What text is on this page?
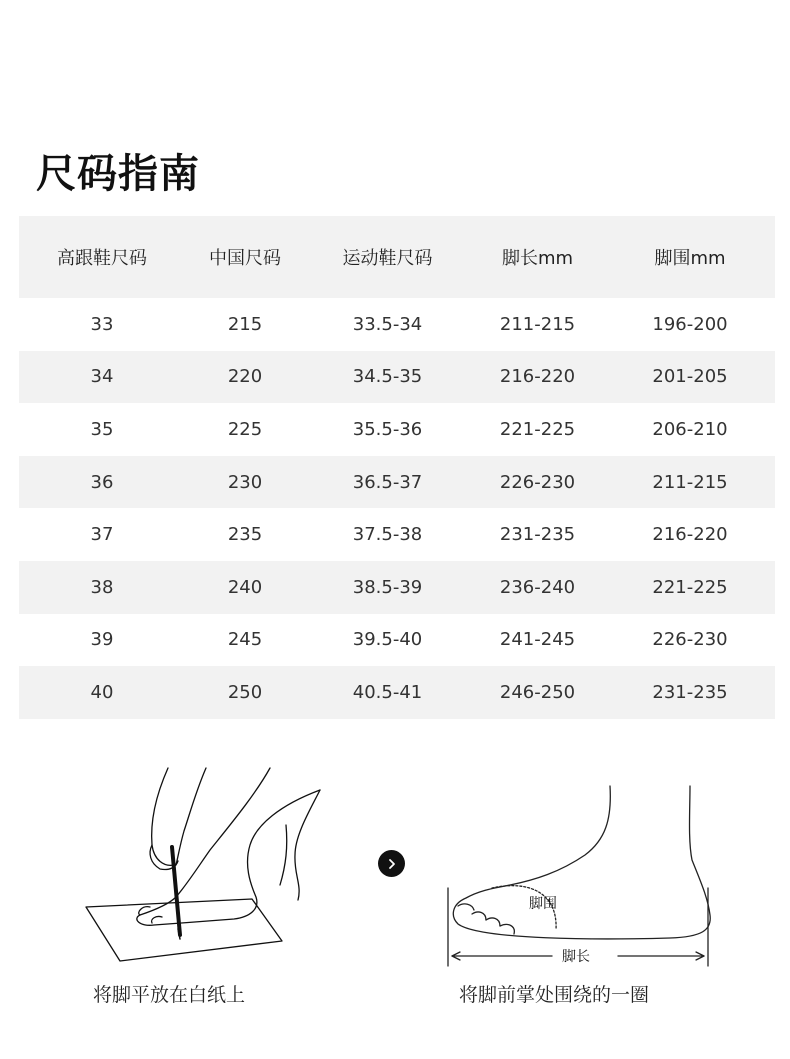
尺码指南
高跟鞋尺码	中国尺码	运动鞋尺码	脚长mm	脚围mm
33	215	33.5-34	211-215	196-200
34	220	34.5-35	216-220	201-205
35	225	35.5-36	221-225	206-210
36	230	36.5-37	226-230	211-215
37	235	37.5-38	231-235	216-220
38	240	38.5-39	236-240	221-225
39	245	39.5-40	241-245	226-230
40	250	40.5-41	246-250	231-235
脚围
脚长
将脚平放在白纸上	将脚前掌处围绕的一圈
